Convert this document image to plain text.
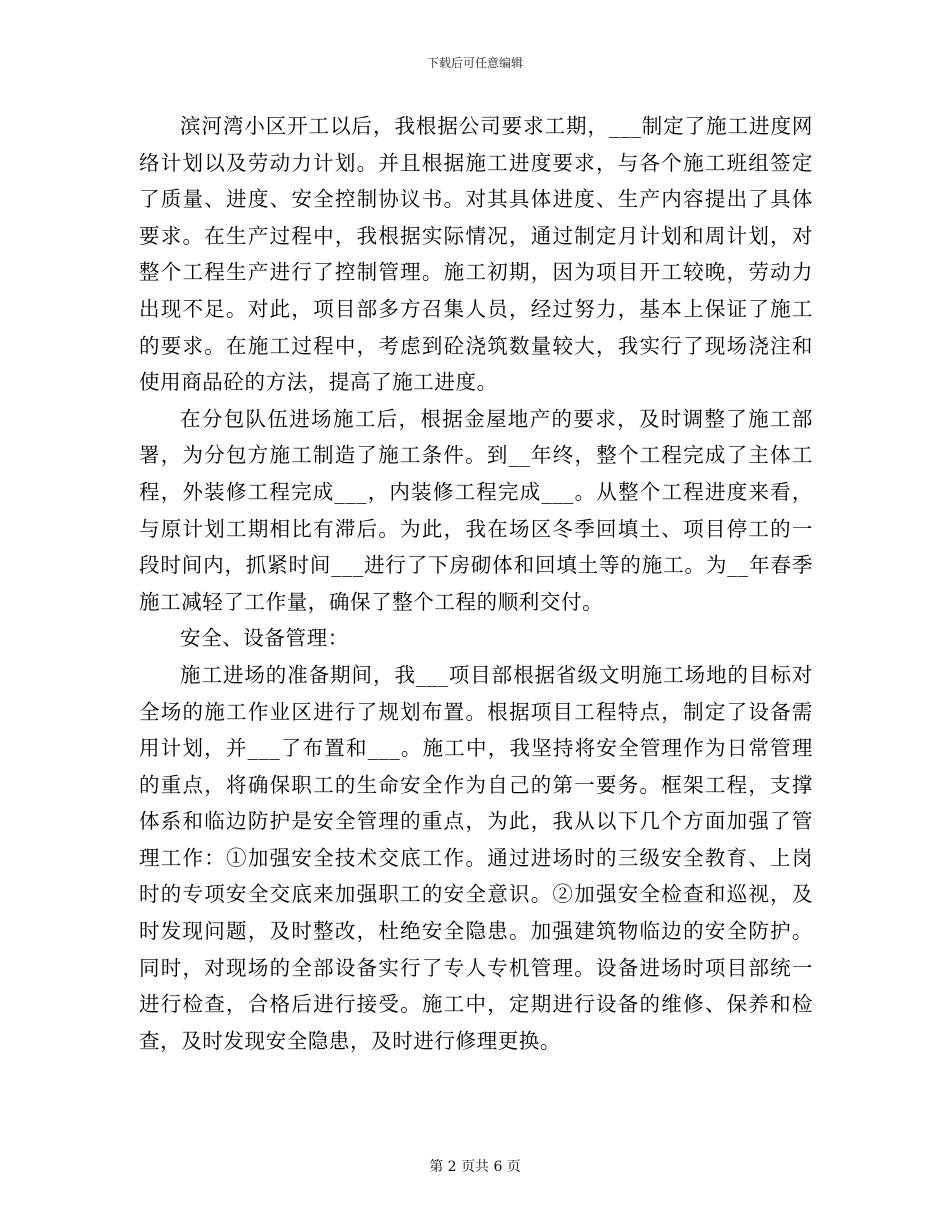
下载后可任意编辑

滨河湾小区开工以后，我根据公司要求工期，___制定了施工进度网络计划以及劳动力计划。并且根据施工进度要求，与各个施工班组签定了质量、进度、安全控制协议书。对其具体进度、生产内容提出了具体要求。在生产过程中，我根据实际情况，通过制定月计划和周计划，对整个工程生产进行了控制管理。施工初期，因为项目开工较晚，劳动力出现不足。对此，项目部多方召集人员，经过努力，基本上保证了施工的要求。在施工过程中，考虑到砼浇筑数量较大，我实行了现场浇注和使用商品砼的方法，提高了施工进度。

在分包队伍进场施工后，根据金屋地产的要求，及时调整了施工部署，为分包方施工制造了施工条件。到__年终，整个工程完成了主体工程，外装修工程完成___，内装修工程完成___。从整个工程进度来看，与原计划工期相比有滞后。为此，我在场区冬季回填土、项目停工的一段时间内，抓紧时间___进行了下房砌体和回填土等的施工。为__年春季施工减轻了工作量，确保了整个工程的顺利交付。

安全、设备管理：

施工进场的准备期间，我___项目部根据省级文明施工场地的目标对全场的施工作业区进行了规划布置。根据项目工程特点，制定了设备需用计划，并___了布置和___。施工中，我坚持将安全管理作为日常管理的重点，将确保职工的生命安全作为自己的第一要务。框架工程，支撑体系和临边防护是安全管理的重点，为此，我从以下几个方面加强了管理工作：①加强安全技术交底工作。通过进场时的三级安全教育、上岗时的专项安全交底来加强职工的安全意识。②加强安全检查和巡视，及时发现问题，及时整改，杜绝安全隐患。加强建筑物临边的安全防护。同时，对现场的全部设备实行了专人专机管理。设备进场时项目部统一进行检查，合格后进行接受。施工中，定期进行设备的维修、保养和检查，及时发现安全隐患，及时进行修理更换。

第 2 页共 6 页
